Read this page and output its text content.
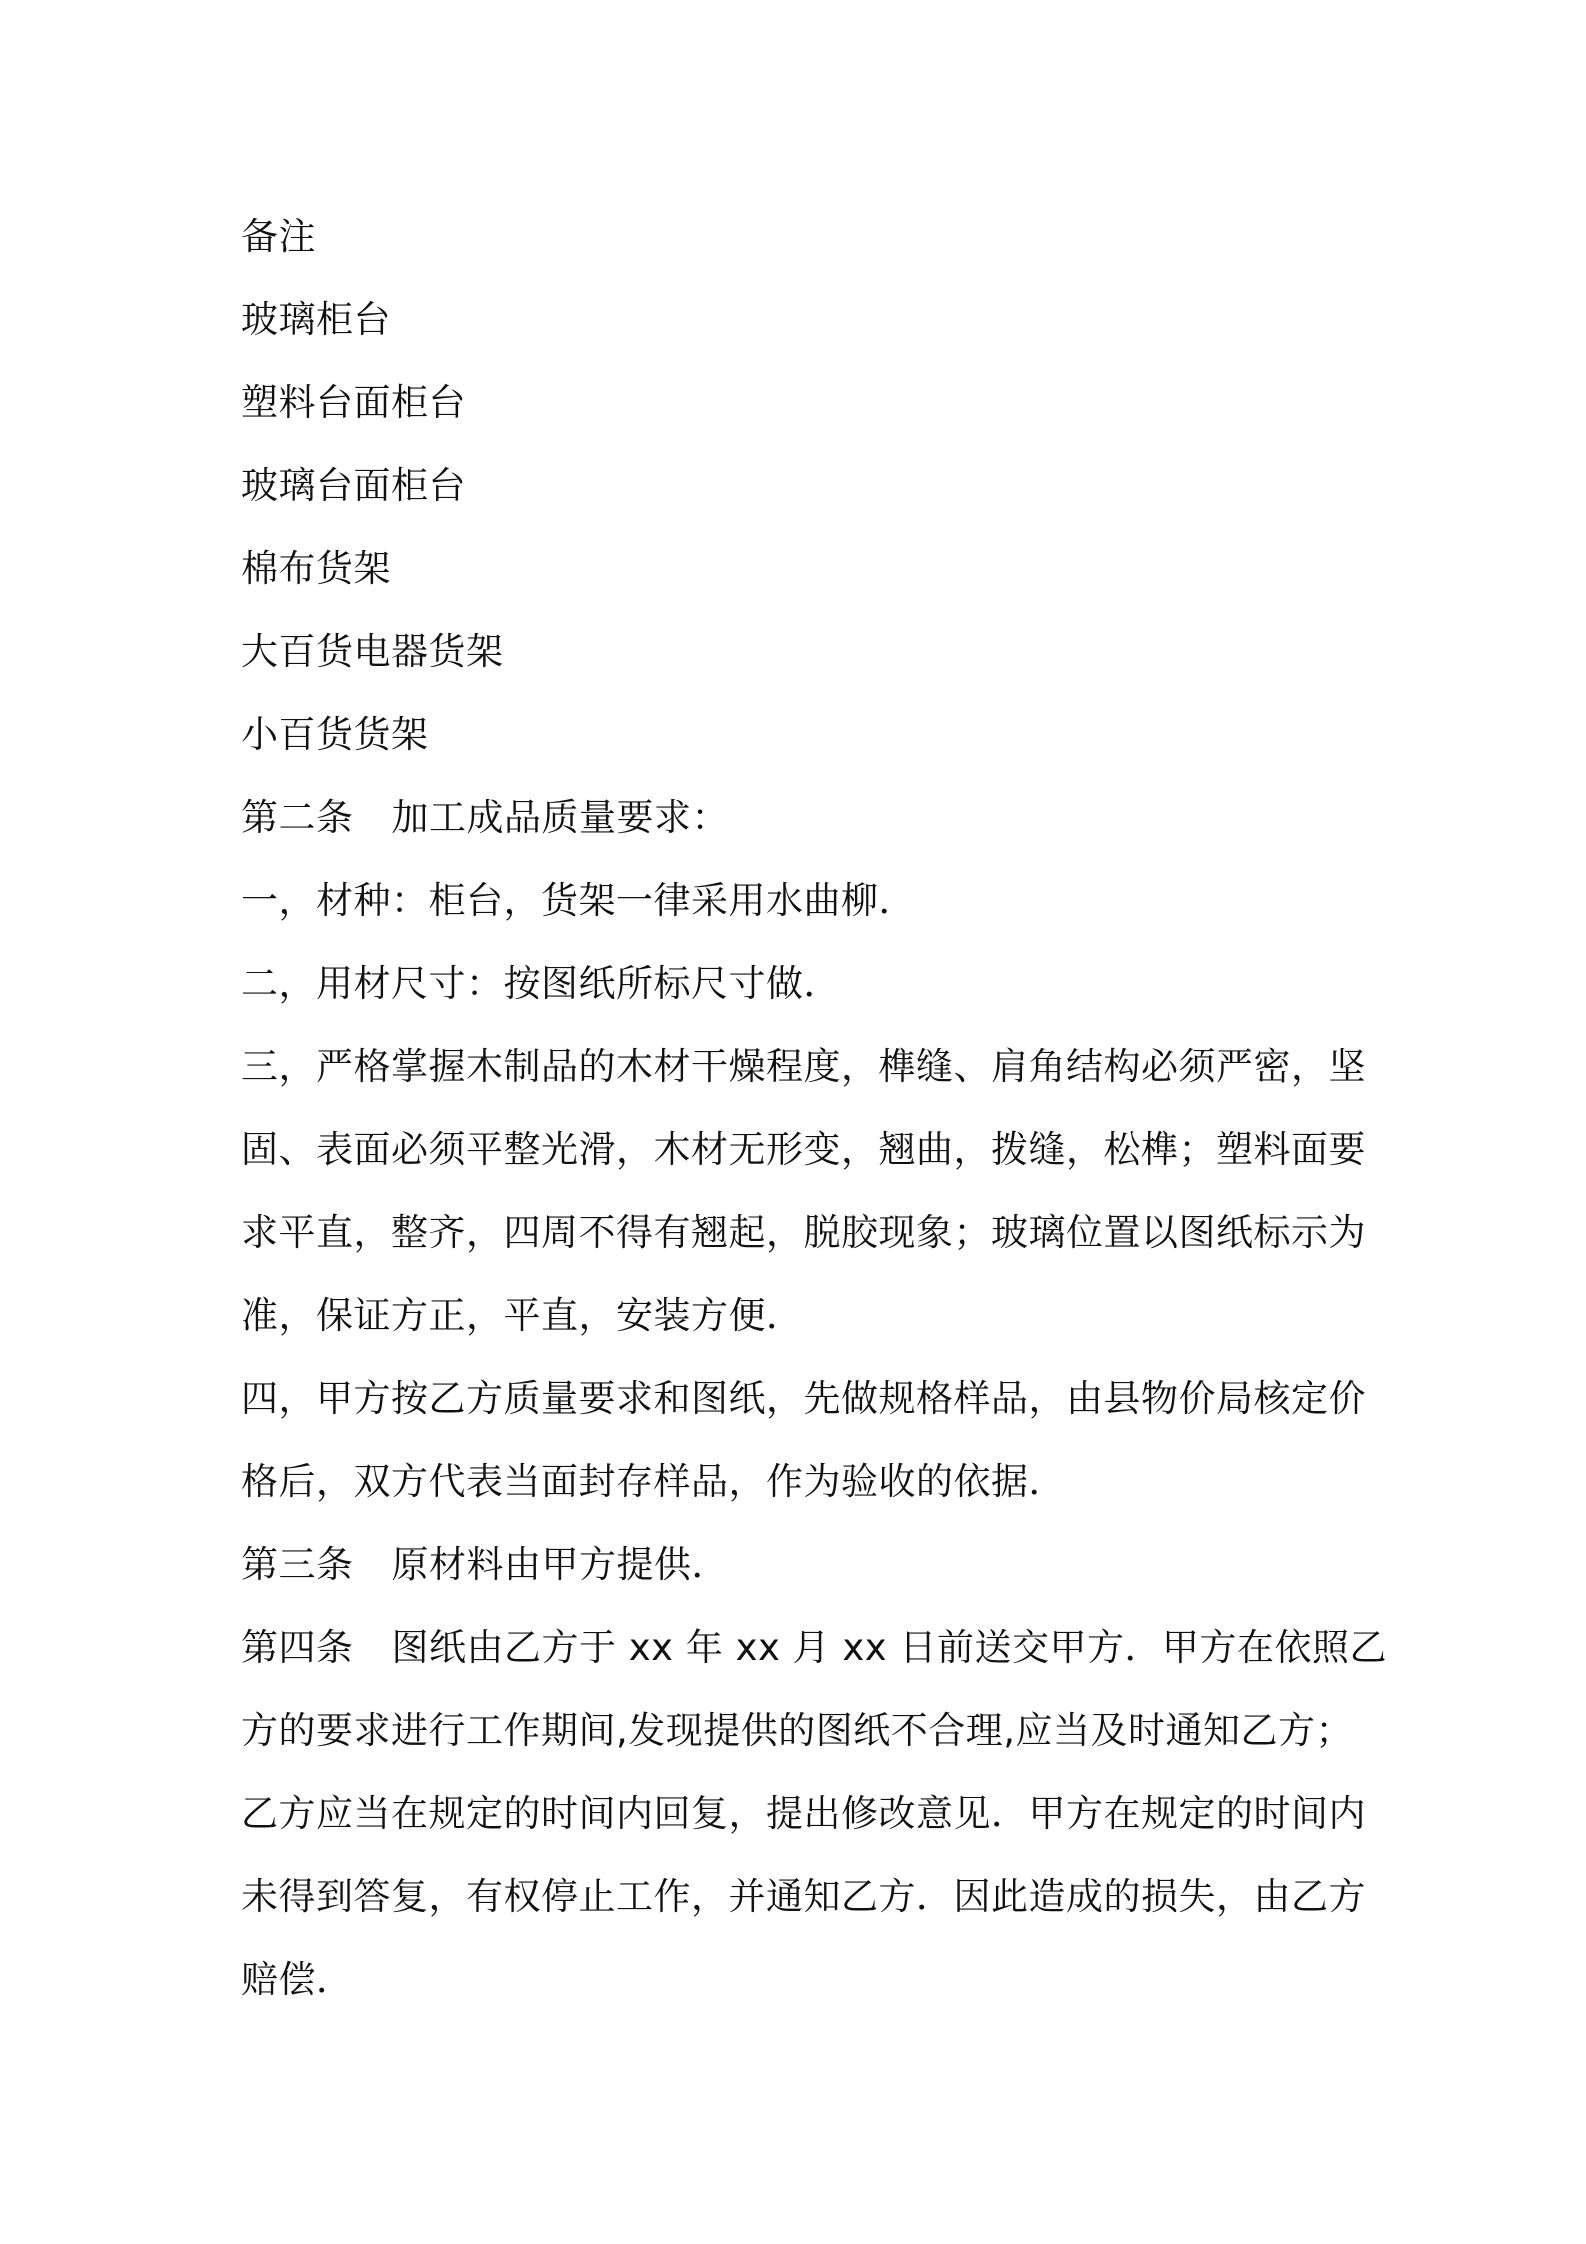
备注
玻璃柜台
塑料台面柜台
玻璃台面柜台
棉布货架
大百货电器货架
小百货货架
第二条 加工成品质量要求：
一，材种：柜台，货架一律采用水曲柳．
二，用材尺寸：按图纸所标尺寸做．
三，严格掌握木制品的木材干燥程度，榫缝、肩角结构必须严密，坚
固、表面必须平整光滑，木材无形变，翘曲，拨缝，松榫；塑料面要
求平直，整齐，四周不得有翘起，脱胶现象；玻璃位置以图纸标示为
准，保证方正，平直，安装方便．
四，甲方按乙方质量要求和图纸，先做规格样品，由县物价局核定价
格后，双方代表当面封存样品，作为验收的依据．
第三条 原材料由甲方提供．
第四条 图纸由乙方于 xx 年 xx 月 xx 日前送交甲方．甲方在依照乙
方的要求进行工作期间,发现提供的图纸不合理,应当及时通知乙方；
乙方应当在规定的时间内回复，提出修改意见．甲方在规定的时间内
未得到答复，有权停止工作，并通知乙方．因此造成的损失，由乙方
赔偿．
